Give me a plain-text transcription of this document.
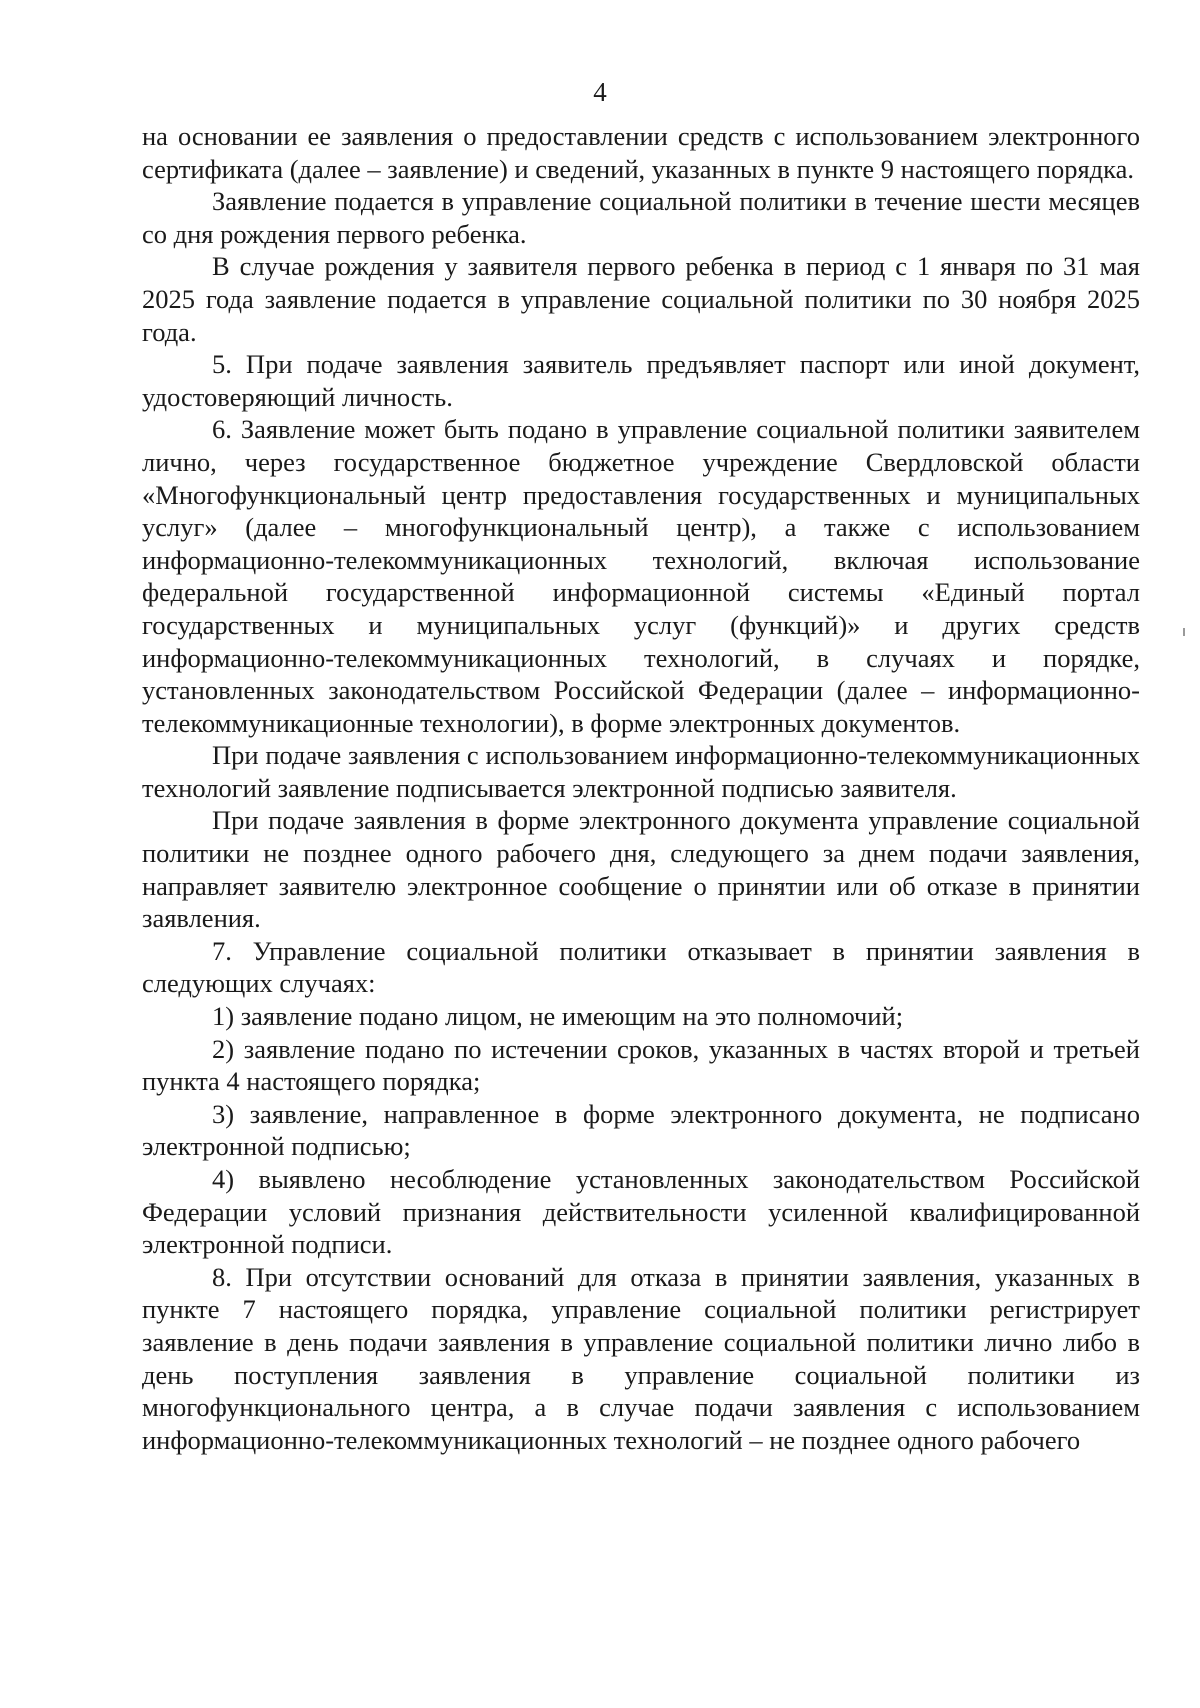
4

на основании ее заявления о предоставлении средств с использованием электронного сертификата (далее – заявление) и сведений, указанных в пункте 9 настоящего порядка.

Заявление подается в управление социальной политики в течение шести месяцев со дня рождения первого ребенка.

В случае рождения у заявителя первого ребенка в период с 1 января по 31 мая 2025 года заявление подается в управление социальной политики по 30 ноября 2025 года.

5. При подаче заявления заявитель предъявляет паспорт или иной документ, удостоверяющий личность.

6. Заявление может быть подано в управление социальной политики заявителем лично, через государственное бюджетное учреждение Свердловской области «Многофункциональный центр предоставления государственных и муниципальных услуг» (далее – многофункциональный центр), а также с использованием информационно-телекоммуникационных технологий, включая использование федеральной государственной информационной системы «Единый портал государственных и муниципальных услуг (функций)» и других средств информационно-телекоммуникационных технологий, в случаях и порядке, установленных законодательством Российской Федерации (далее – информационно-телекоммуникационные технологии), в форме электронных документов.

При подаче заявления с использованием информационно-телекоммуникационных технологий заявление подписывается электронной подписью заявителя.

При подаче заявления в форме электронного документа управление социальной политики не позднее одного рабочего дня, следующего за днем подачи заявления, направляет заявителю электронное сообщение о принятии или об отказе в принятии заявления.

7. Управление социальной политики отказывает в принятии заявления в следующих случаях:

1) заявление подано лицом, не имеющим на это полномочий;

2) заявление подано по истечении сроков, указанных в частях второй и третьей пункта 4 настоящего порядка;

3) заявление, направленное в форме электронного документа, не подписано электронной подписью;

4) выявлено несоблюдение установленных законодательством Российской Федерации условий признания действительности усиленной квалифицированной электронной подписи.

8. При отсутствии оснований для отказа в принятии заявления, указанных в пункте 7 настоящего порядка, управление социальной политики регистрирует заявление в день подачи заявления в управление социальной политики лично либо в день поступления заявления в управление социальной политики из многофункционального центра, а в случае подачи заявления с использованием информационно-телекоммуникационных технологий – не позднее одного рабочего
